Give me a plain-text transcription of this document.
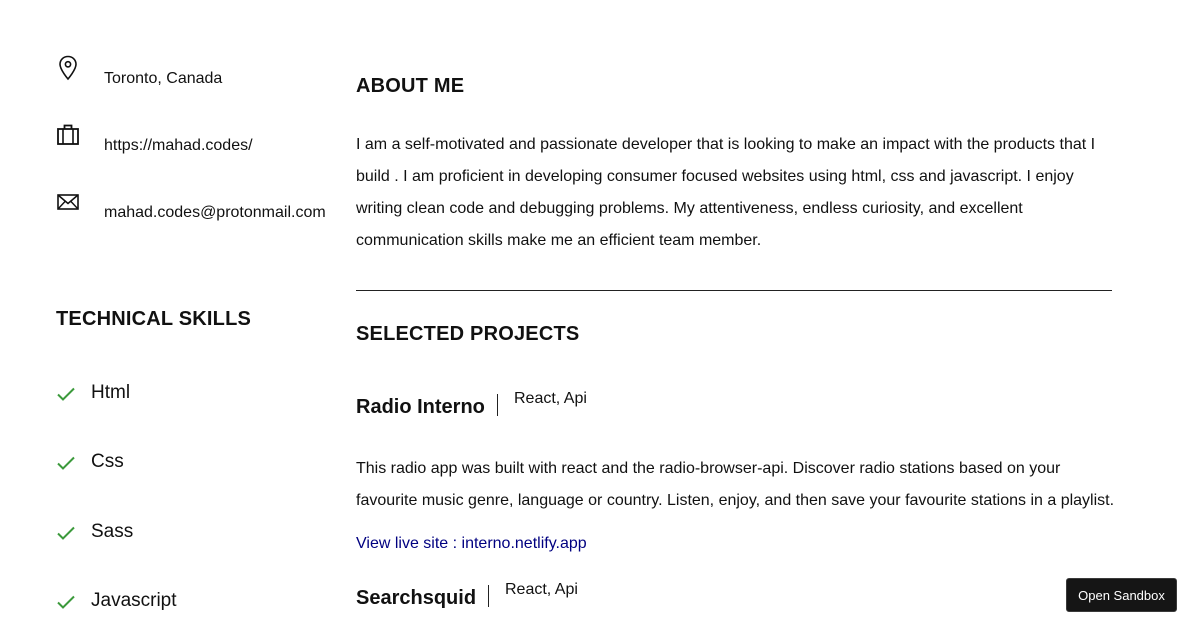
Toronto, Canada
https://mahad.codes/
mahad.codes@protonmail.com
TECHNICAL SKILLS
Html
Css
Sass
Javascript
ABOUT ME

I am a self-motivated and passionate developer that is looking to make an impact with the products that I build . I am proficient in developing consumer focused websites using html, css and javascript. I enjoy writing clean code and debugging problems. My attentiveness, endless curiosity, and excellent communication skills make me an efficient team member.

SELECTED PROJECTS
Radio Interno React, Api

This radio app was built with react and the radio-browser-api. Discover radio stations based on your favourite music genre, language or country. Listen, enjoy, and then save your favourite stations in a playlist.

View live site : interno.netlify.app
Searchsquid React, Api	Open Sandbox
